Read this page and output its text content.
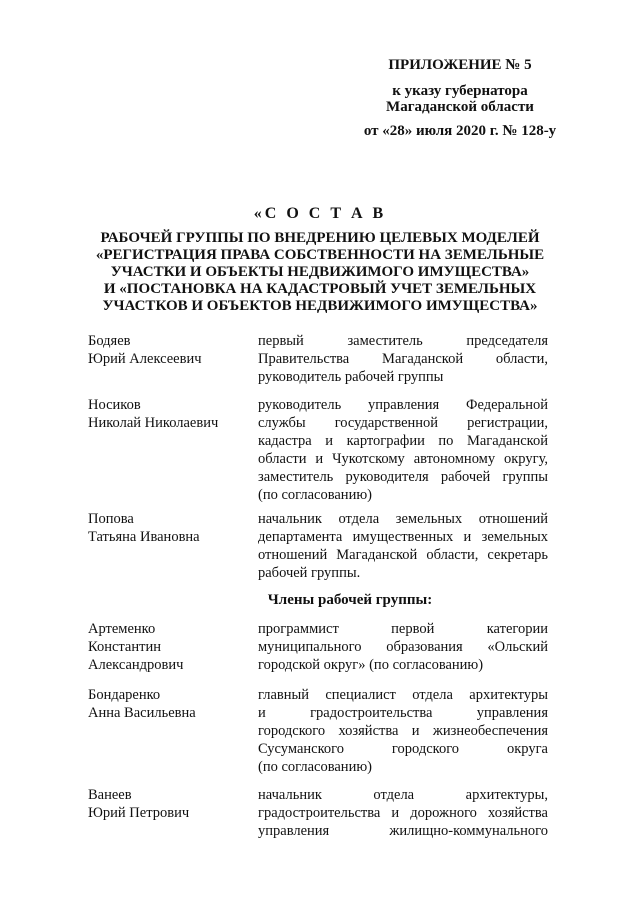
ПРИЛОЖЕНИЕ № 5
к указу губернатора
Магаданской области
от «28» июля 2020 г. № 128-у
«С О С Т А В
РАБОЧЕЙ ГРУППЫ ПО ВНЕДРЕНИЮ ЦЕЛЕВЫХ МОДЕЛЕЙ
«РЕГИСТРАЦИЯ ПРАВА СОБСТВЕННОСТИ НА ЗЕМЕЛЬНЫЕ
УЧАСТКИ И ОБЪЕКТЫ НЕДВИЖИМОГО ИМУЩЕСТВА»
И «ПОСТАНОВКА НА КАДАСТРОВЫЙ УЧЕТ ЗЕМЕЛЬНЫХ
УЧАСТКОВ И ОБЪЕКТОВ НЕДВИЖИМОГО ИМУЩЕСТВА»
Бодяев
Юрий Алексеевич
первый заместитель председателя
Правительства Магаданской области,
руководитель рабочей группы
Носиков
Николай Николаевич
руководитель управления Федеральной
службы государственной регистрации,
кадастра и картографии по Магаданской
области и Чукотскому автономному округу,
заместитель руководителя рабочей группы
(по согласованию)
Попова
Татьяна Ивановна
начальник отдела земельных отношений
департамента имущественных и земельных
отношений Магаданской области, секретарь
рабочей группы.
Члены рабочей группы:
Артеменко
Константин
Александрович
программист первой категории
муниципального образования «Ольский
городской округ» (по согласованию)
Бондаренко
Анна Васильевна
главный специалист отдела архитектуры
и градостроительства управления
городского хозяйства и жизнеобеспечения
Сусуманского городского округа
(по согласованию)
Ванеев
Юрий Петрович
начальник отдела архитектуры,
градостроительства и дорожного хозяйства
управления жилищно-коммунального
